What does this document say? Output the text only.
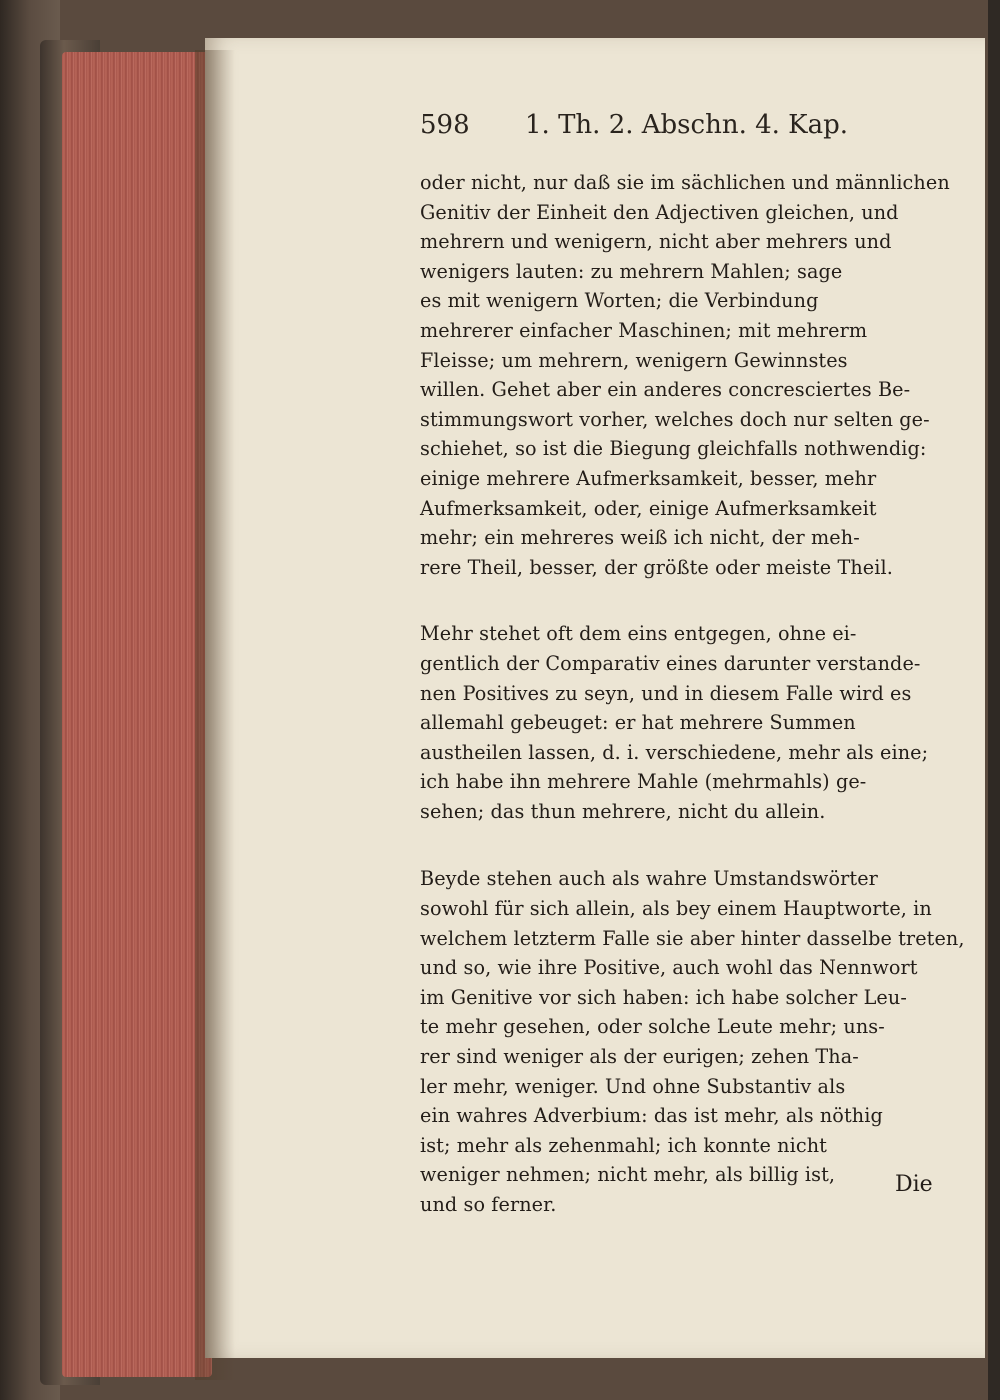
598 1. Th. 2. Abschn. 4. Kap.

oder nicht, nur daß sie im sächlichen und männlichen
Genitiv der Einheit den Adjectiven gleichen, und
mehrern und wenigern, nicht aber mehrers und
wenigers lauten: zu mehrern Mahlen; sage
es mit wenigern Worten; die Verbindung
mehrerer einfacher Maschinen; mit mehrerm
Fleisse; um mehrern, wenigern Gewinnstes
willen. Gehet aber ein anderes concresciertes Be-
stimmungswort vorher, welches doch nur selten ge-
schiehet, so ist die Biegung gleichfalls nothwendig:
einige mehrere Aufmerksamkeit, besser, mehr
Aufmerksamkeit, oder, einige Aufmerksamkeit
mehr; ein mehreres weiß ich nicht, der meh-
rere Theil, besser, der größte oder meiste Theil.

Mehr stehet oft dem eins entgegen, ohne ei-
gentlich der Comparativ eines darunter verstande-
nen Positives zu seyn, und in diesem Falle wird es
allemahl gebeuget: er hat mehrere Summen
austheilen lassen, d. i. verschiedene, mehr als eine;
ich habe ihn mehrere Mahle (mehrmahls) ge-
sehen; das thun mehrere, nicht du allein.

Beyde stehen auch als wahre Umstandswörter
sowohl für sich allein, als bey einem Hauptworte, in
welchem letzterm Falle sie aber hinter dasselbe treten,
und so, wie ihre Positive, auch wohl das Nennwort
im Genitive vor sich haben: ich habe solcher Leu-
te mehr gesehen, oder solche Leute mehr; uns-
rer sind weniger als der eurigen; zehen Tha-
ler mehr, weniger. Und ohne Substantiv als
ein wahres Adverbium: das ist mehr, als nöthig
ist; mehr als zehenmahl; ich konnte nicht
weniger nehmen; nicht mehr, als billig ist,
und so ferner.

Die
